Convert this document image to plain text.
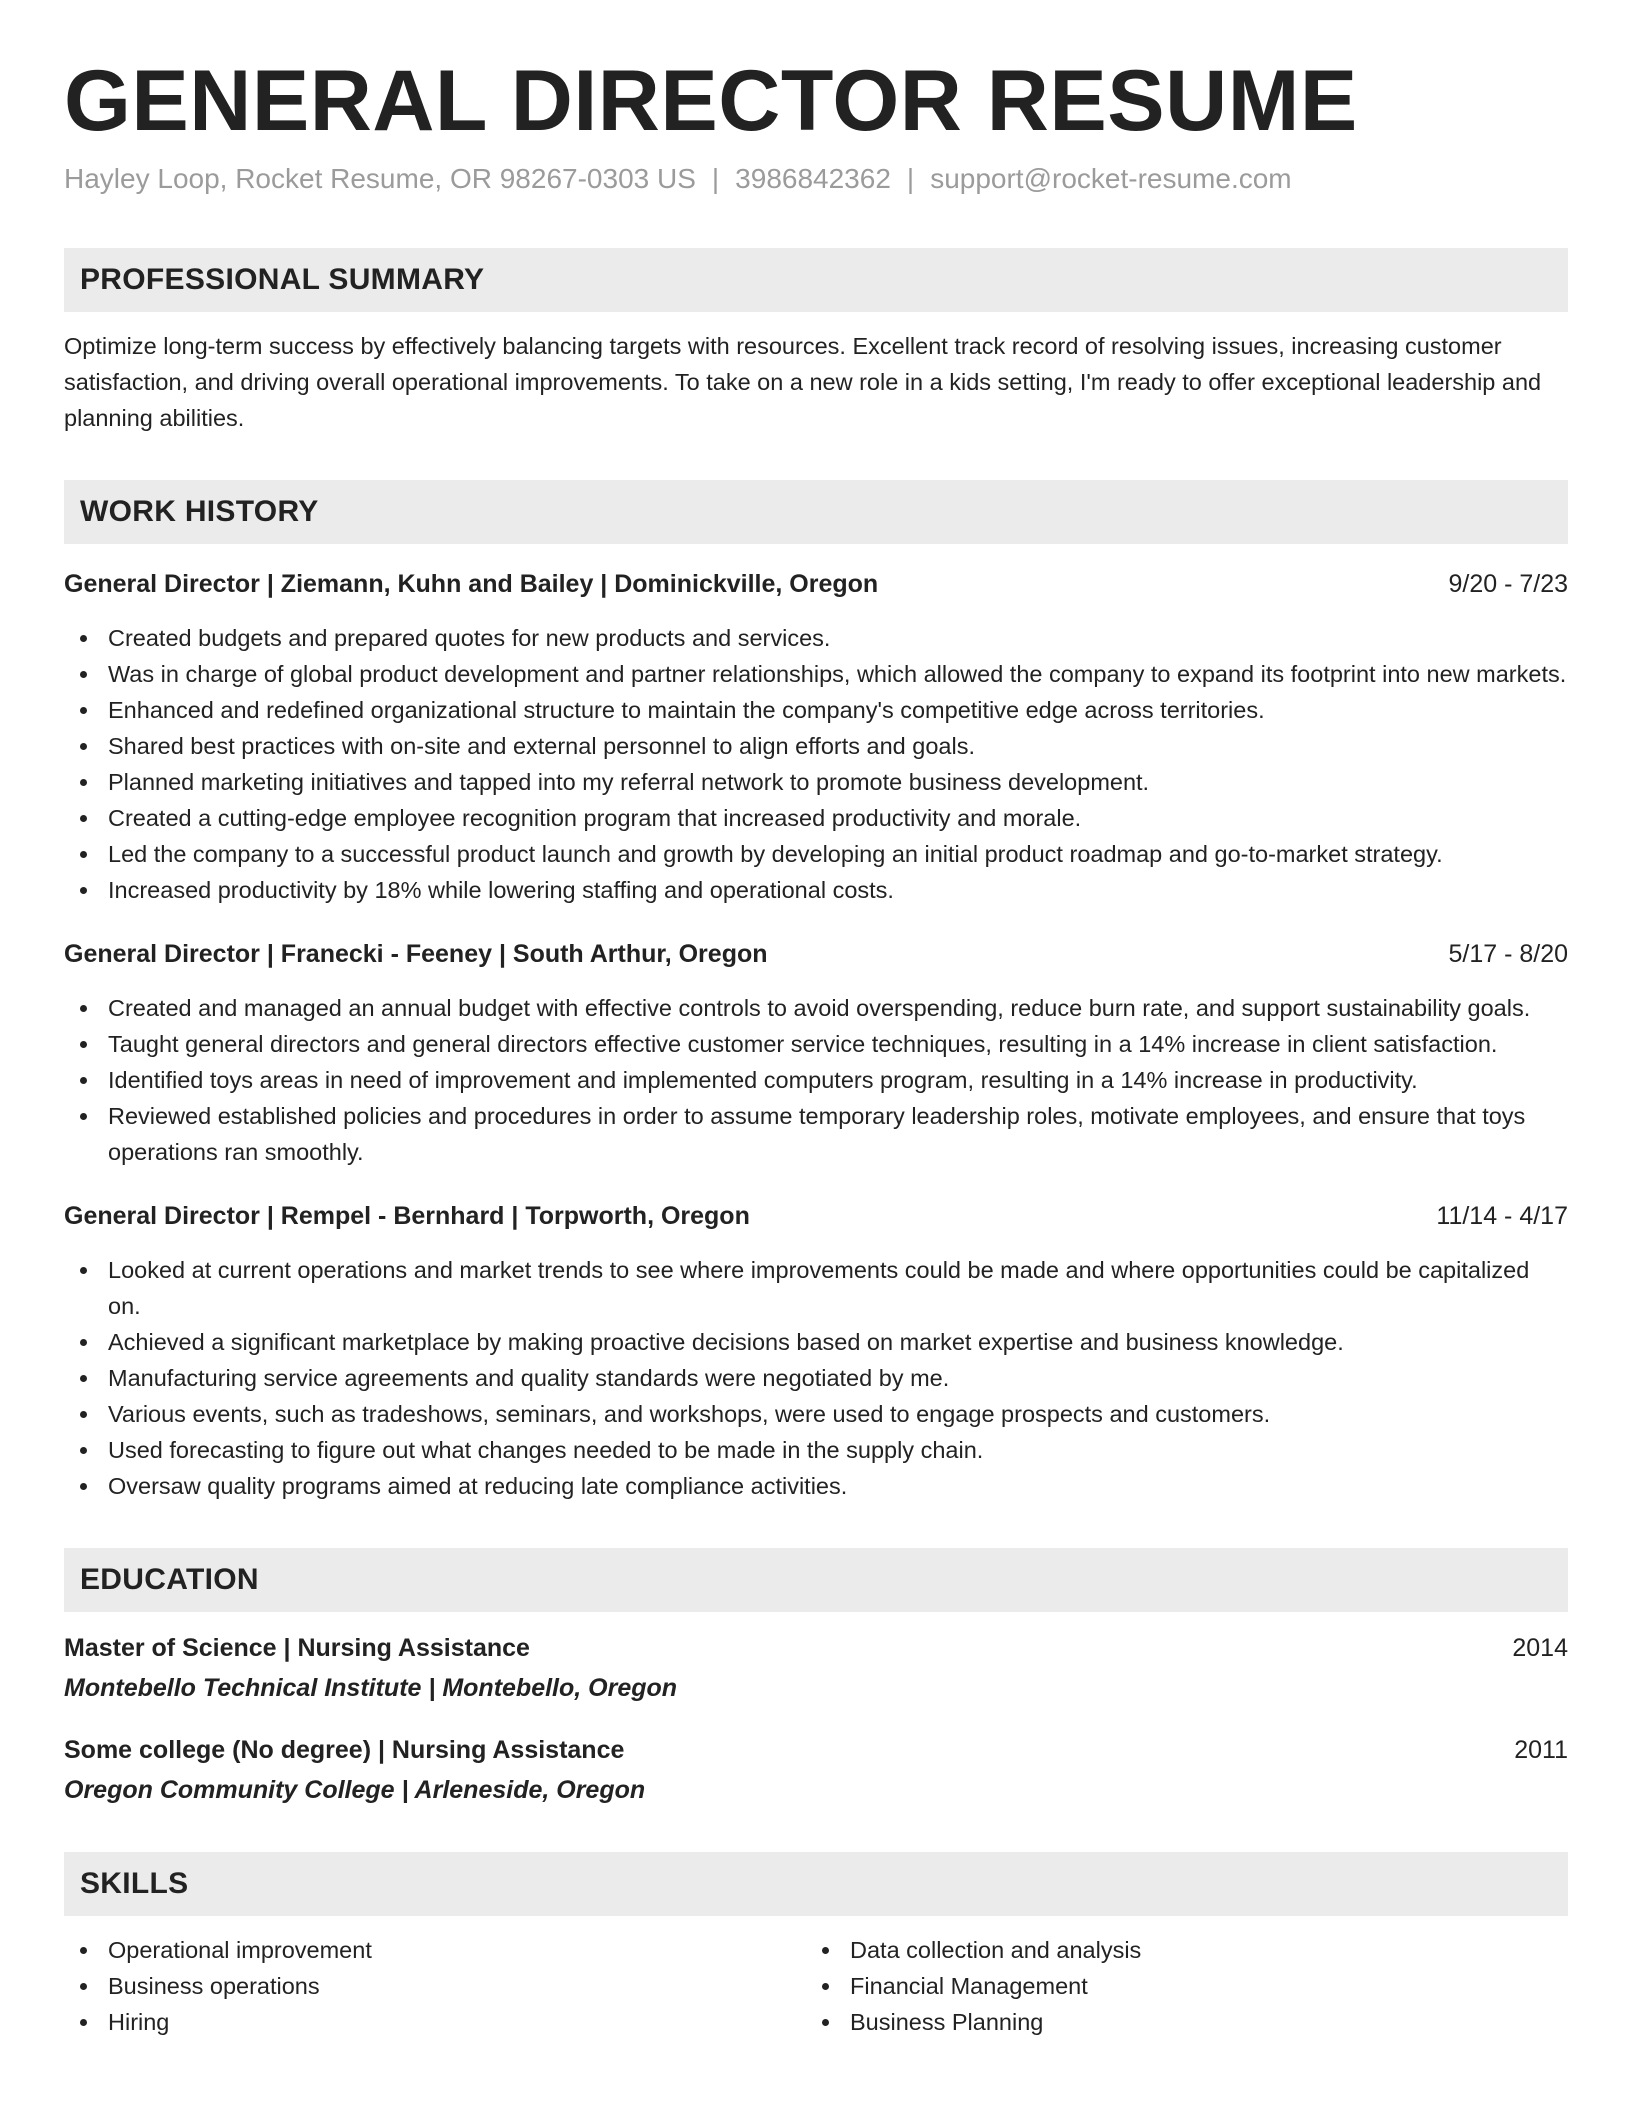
GENERAL DIRECTOR RESUME
Hayley Loop, Rocket Resume, OR 98267-0303 US | 3986842362 | support@rocket-resume.com
PROFESSIONAL SUMMARY

Optimize long-term success by effectively balancing targets with resources. Excellent track record of resolving issues, increasing customer satisfaction, and driving overall operational improvements. To take on a new role in a kids setting, I'm ready to offer exceptional leadership and planning abilities.

WORK HISTORY
General Director | Ziemann, Kuhn and Bailey | Dominickville, Oregon	9/20 - 7/23
Created budgets and prepared quotes for new products and services.
Was in charge of global product development and partner relationships, which allowed the company to expand its footprint into new markets.
Enhanced and redefined organizational structure to maintain the company's competitive edge across territories.
Shared best practices with on-site and external personnel to align efforts and goals.
Planned marketing initiatives and tapped into my referral network to promote business development.
Created a cutting-edge employee recognition program that increased productivity and morale.
Led the company to a successful product launch and growth by developing an initial product roadmap and go-to-market strategy.
Increased productivity by 18% while lowering staffing and operational costs.
General Director | Franecki - Feeney | South Arthur, Oregon	5/17 - 8/20
Created and managed an annual budget with effective controls to avoid overspending, reduce burn rate, and support sustainability goals.
Taught general directors and general directors effective customer service techniques, resulting in a 14% increase in client satisfaction.
Identified toys areas in need of improvement and implemented computers program, resulting in a 14% increase in productivity.
Reviewed established policies and procedures in order to assume temporary leadership roles, motivate employees, and ensure that toys operations ran smoothly.
General Director | Rempel - Bernhard | Torpworth, Oregon	11/14 - 4/17
Looked at current operations and market trends to see where improvements could be made and where opportunities could be capitalized on.
Achieved a significant marketplace by making proactive decisions based on market expertise and business knowledge.
Manufacturing service agreements and quality standards were negotiated by me.
Various events, such as tradeshows, seminars, and workshops, were used to engage prospects and customers.
Used forecasting to figure out what changes needed to be made in the supply chain.
Oversaw quality programs aimed at reducing late compliance activities.
EDUCATION
Master of Science | Nursing Assistance	2014
Montebello Technical Institute | Montebello, Oregon
Some college (No degree) | Nursing Assistance	2011
Oregon Community College | Arleneside, Oregon
SKILLS
Operational improvement
Business operations
Hiring
Data collection and analysis
Financial Management
Business Planning
